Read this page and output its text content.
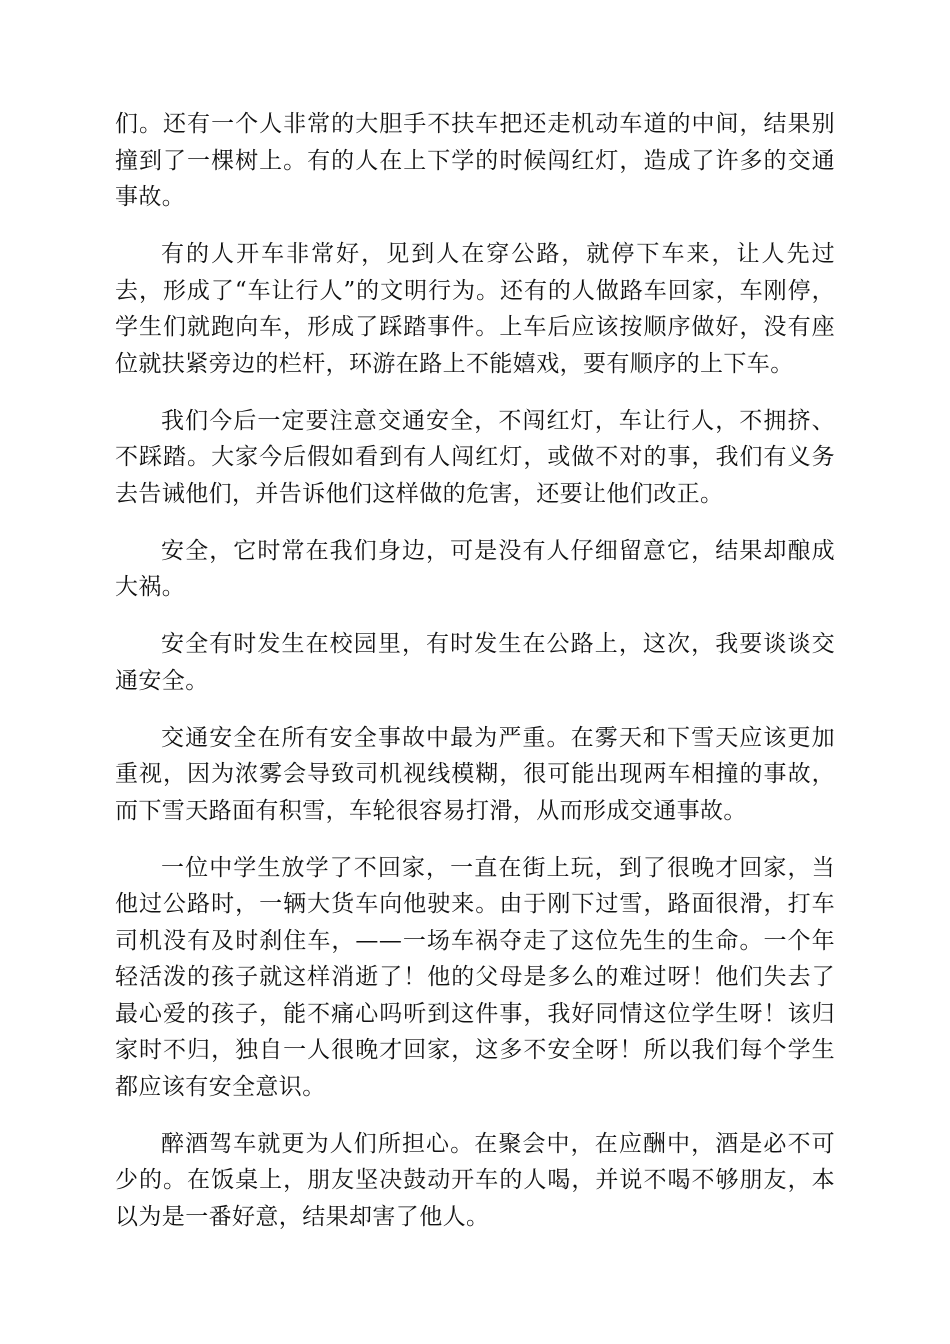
们。还有一个人非常的大胆手不扶车把还走机动车道的中间，结果别撞到了一棵树上。有的人在上下学的时候闯红灯，造成了许多的交通事故。

有的人开车非常好，见到人在穿公路，就停下车来，让人先过去，形成了“车让行人”的文明行为。还有的人做路车回家，车刚停，学生们就跑向车，形成了踩踏事件。上车后应该按顺序做好，没有座位就扶紧旁边的栏杆，环游在路上不能嬉戏，要有顺序的上下车。

我们今后一定要注意交通安全，不闯红灯，车让行人，不拥挤、不踩踏。大家今后假如看到有人闯红灯，或做不对的事，我们有义务去告诫他们，并告诉他们这样做的危害，还要让他们改正。

安全，它时常在我们身边，可是没有人仔细留意它，结果却酿成大祸。

安全有时发生在校园里，有时发生在公路上，这次，我要谈谈交通安全。

交通安全在所有安全事故中最为严重。在雾天和下雪天应该更加重视，因为浓雾会导致司机视线模糊，很可能出现两车相撞的事故，而下雪天路面有积雪，车轮很容易打滑，从而形成交通事故。

一位中学生放学了不回家，一直在街上玩，到了很晚才回家，当他过公路时，一辆大货车向他驶来。由于刚下过雪，路面很滑，打车司机没有及时刹住车，——一场车祸夺走了这位先生的生命。一个年轻活泼的孩子就这样消逝了！他的父母是多么的难过呀！他们失去了最心爱的孩子，能不痛心吗听到这件事，我好同情这位学生呀！该归家时不归，独自一人很晚才回家，这多不安全呀！所以我们每个学生都应该有安全意识。

醉酒驾车就更为人们所担心。在聚会中，在应酬中，酒是必不可少的。在饭桌上，朋友坚决鼓动开车的人喝，并说不喝不够朋友，本以为是一番好意，结果却害了他人。
